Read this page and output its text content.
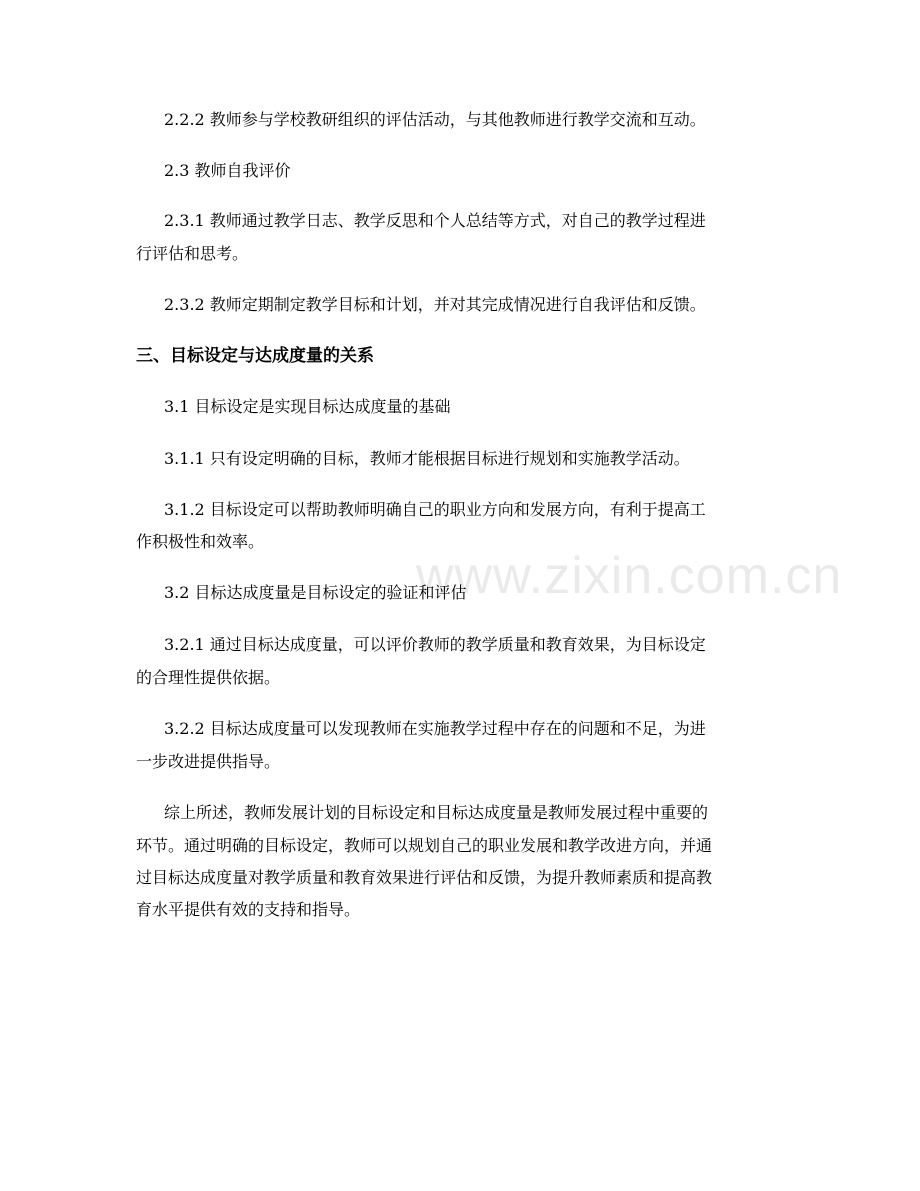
2.2.2 教师参与学校教研组织的评估活动，与其他教师进行教学交流和互动。

2.3 教师自我评价

2.3.1 教师通过教学日志、教学反思和个人总结等方式，对自己的教学过程进

行评估和思考。

2.3.2 教师定期制定教学目标和计划，并对其完成情况进行自我评估和反馈。

三、目标设定与达成度量的关系

3.1 目标设定是实现目标达成度量的基础

3.1.1 只有设定明确的目标，教师才能根据目标进行规划和实施教学活动。

3.1.2 目标设定可以帮助教师明确自己的职业方向和发展方向，有利于提高工

作积极性和效率。

3.2 目标达成度量是目标设定的验证和评估

3.2.1 通过目标达成度量，可以评价教师的教学质量和教育效果，为目标设定

的合理性提供依据。

3.2.2 目标达成度量可以发现教师在实施教学过程中存在的问题和不足，为进

一步改进提供指导。

综上所述，教师发展计划的目标设定和目标达成度量是教师发展过程中重要的

环节。通过明确的目标设定，教师可以规划自己的职业发展和教学改进方向，并通

过目标达成度量对教学质量和教育效果进行评估和反馈，为提升教师素质和提高教

育水平提供有效的支持和指导。

www.zixin.com.cn
